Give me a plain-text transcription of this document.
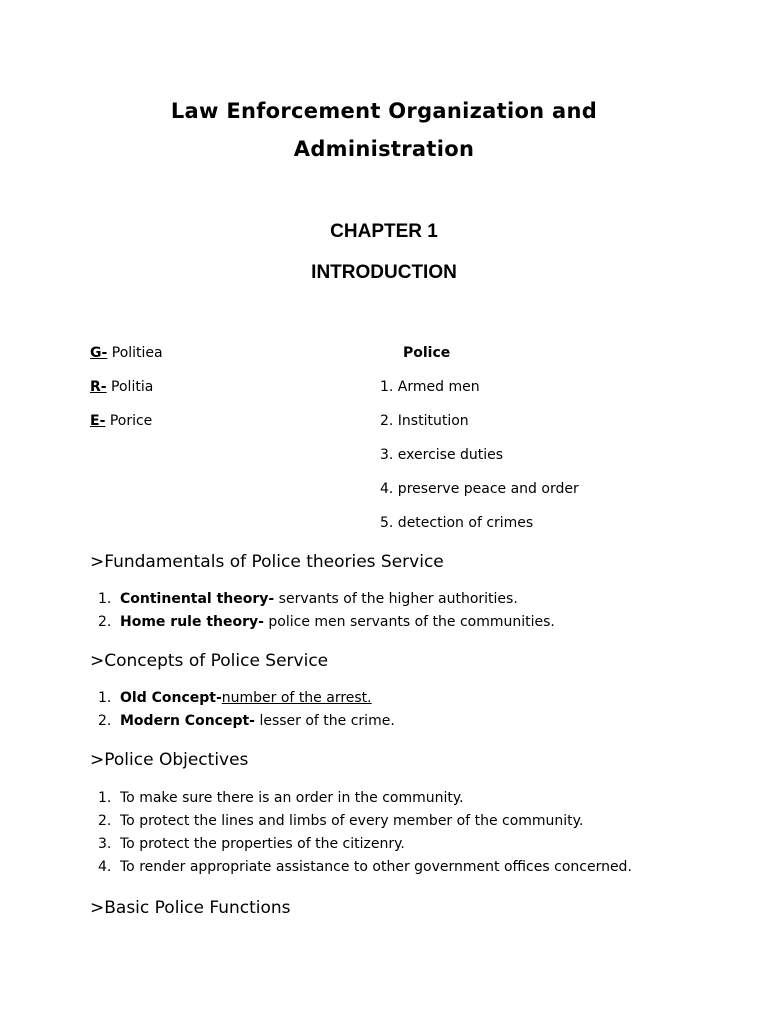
Law Enforcement Organization and
Administration
CHAPTER 1
INTRODUCTION
G- Politiea
R- Politia
E- Porice
Police
1. Armed men
2. Institution
3. exercise duties
4. preserve peace and order
5. detection of crimes
>Fundamentals of Police theories Service
1. Continental theory- servants of the higher authorities.
2. Home rule theory- police men servants of the communities.
>Concepts of Police Service
1. Old Concept-number of the arrest.
2. Modern Concept- lesser of the crime.
>Police Objectives
1. To make sure there is an order in the community.
2. To protect the lines and limbs of every member of the community.
3. To protect the properties of the citizenry.
4. To render appropriate assistance to other government offices concerned.
>Basic Police Functions
